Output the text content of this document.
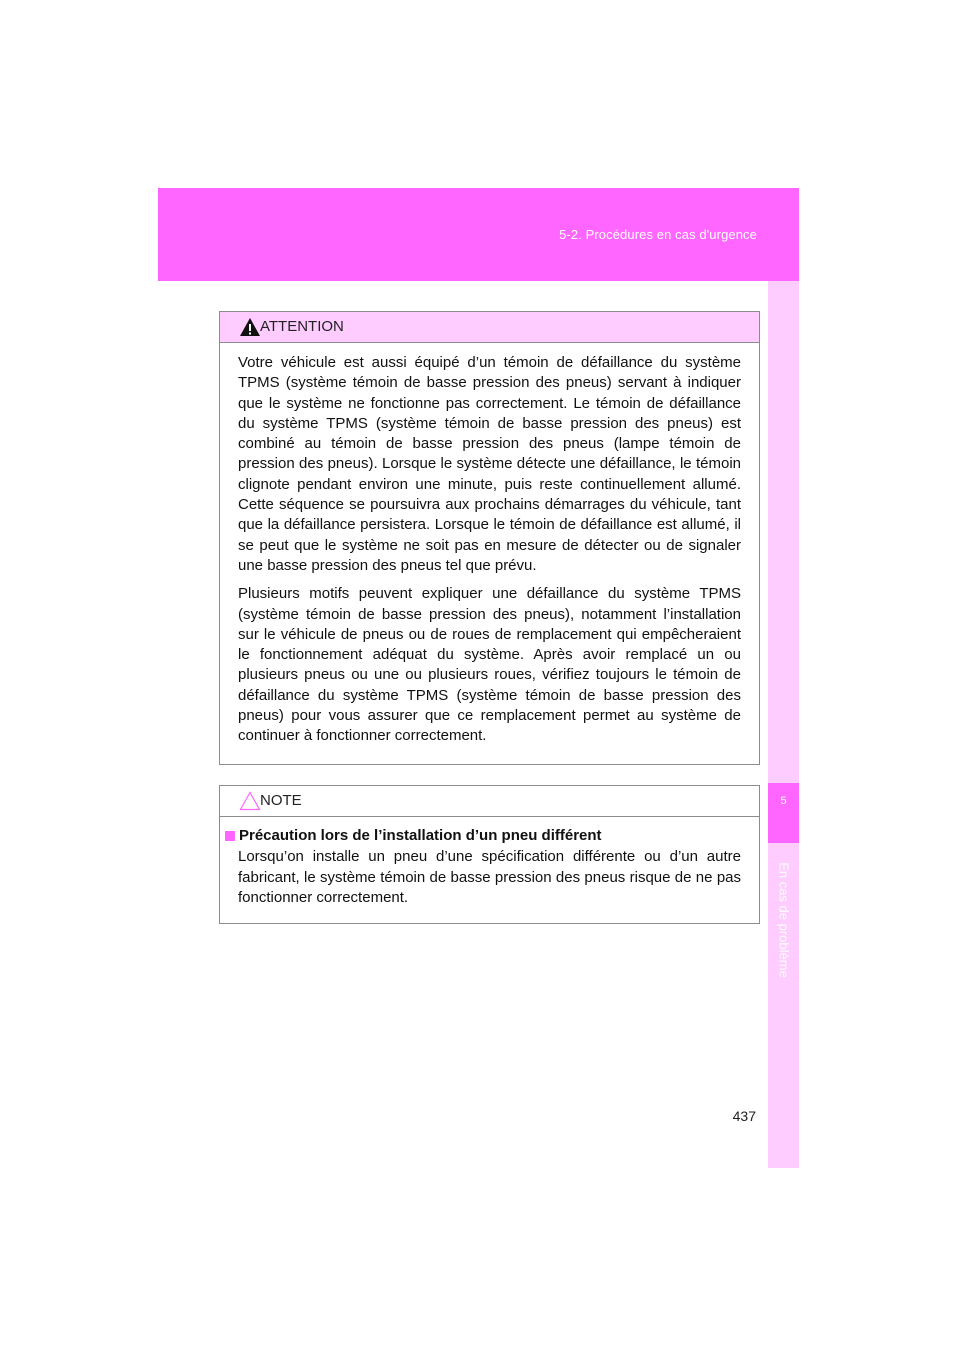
5-2. Procédures en cas d'urgence
5
En cas de problème
ATTENTION

Votre véhicule est aussi équipé d’un témoin de défaillance du système TPMS (système témoin de basse pression des pneus) servant à indiquer que le système ne fonctionne pas correctement. Le témoin de défaillance du système TPMS (système témoin de basse pression des pneus) est combiné au témoin de basse pression des pneus (lampe témoin de pression des pneus). Lorsque le système détecte une défaillance, le témoin clignote pendant environ une minute, puis reste continuellement allumé. Cette séquence se poursuivra aux prochains démarrages du véhicule, tant que la défaillance persistera. Lorsque le témoin de défaillance est allumé, il se peut que le système ne soit pas en mesure de détecter ou de signaler une basse pression des pneus tel que prévu.

Plusieurs motifs peuvent expliquer une défaillance du système TPMS (système témoin de basse pression des pneus), notamment l’installation sur le véhicule de pneus ou de roues de remplacement qui empêcheraient le fonctionnement adéquat du système. Après avoir remplacé un ou plusieurs pneus ou une ou plusieurs roues, vérifiez toujours le témoin de défaillance du système TPMS (système témoin de basse pression des pneus) pour vous assurer que ce remplacement permet au système de continuer à fonctionner correctement.

NOTE
Précaution lors de l’installation d’un pneu différent

Lorsqu’on installe un pneu d’une spécification différente ou d’un autre fabricant, le système témoin de basse pression des pneus risque de ne pas fonctionner correctement.

437
